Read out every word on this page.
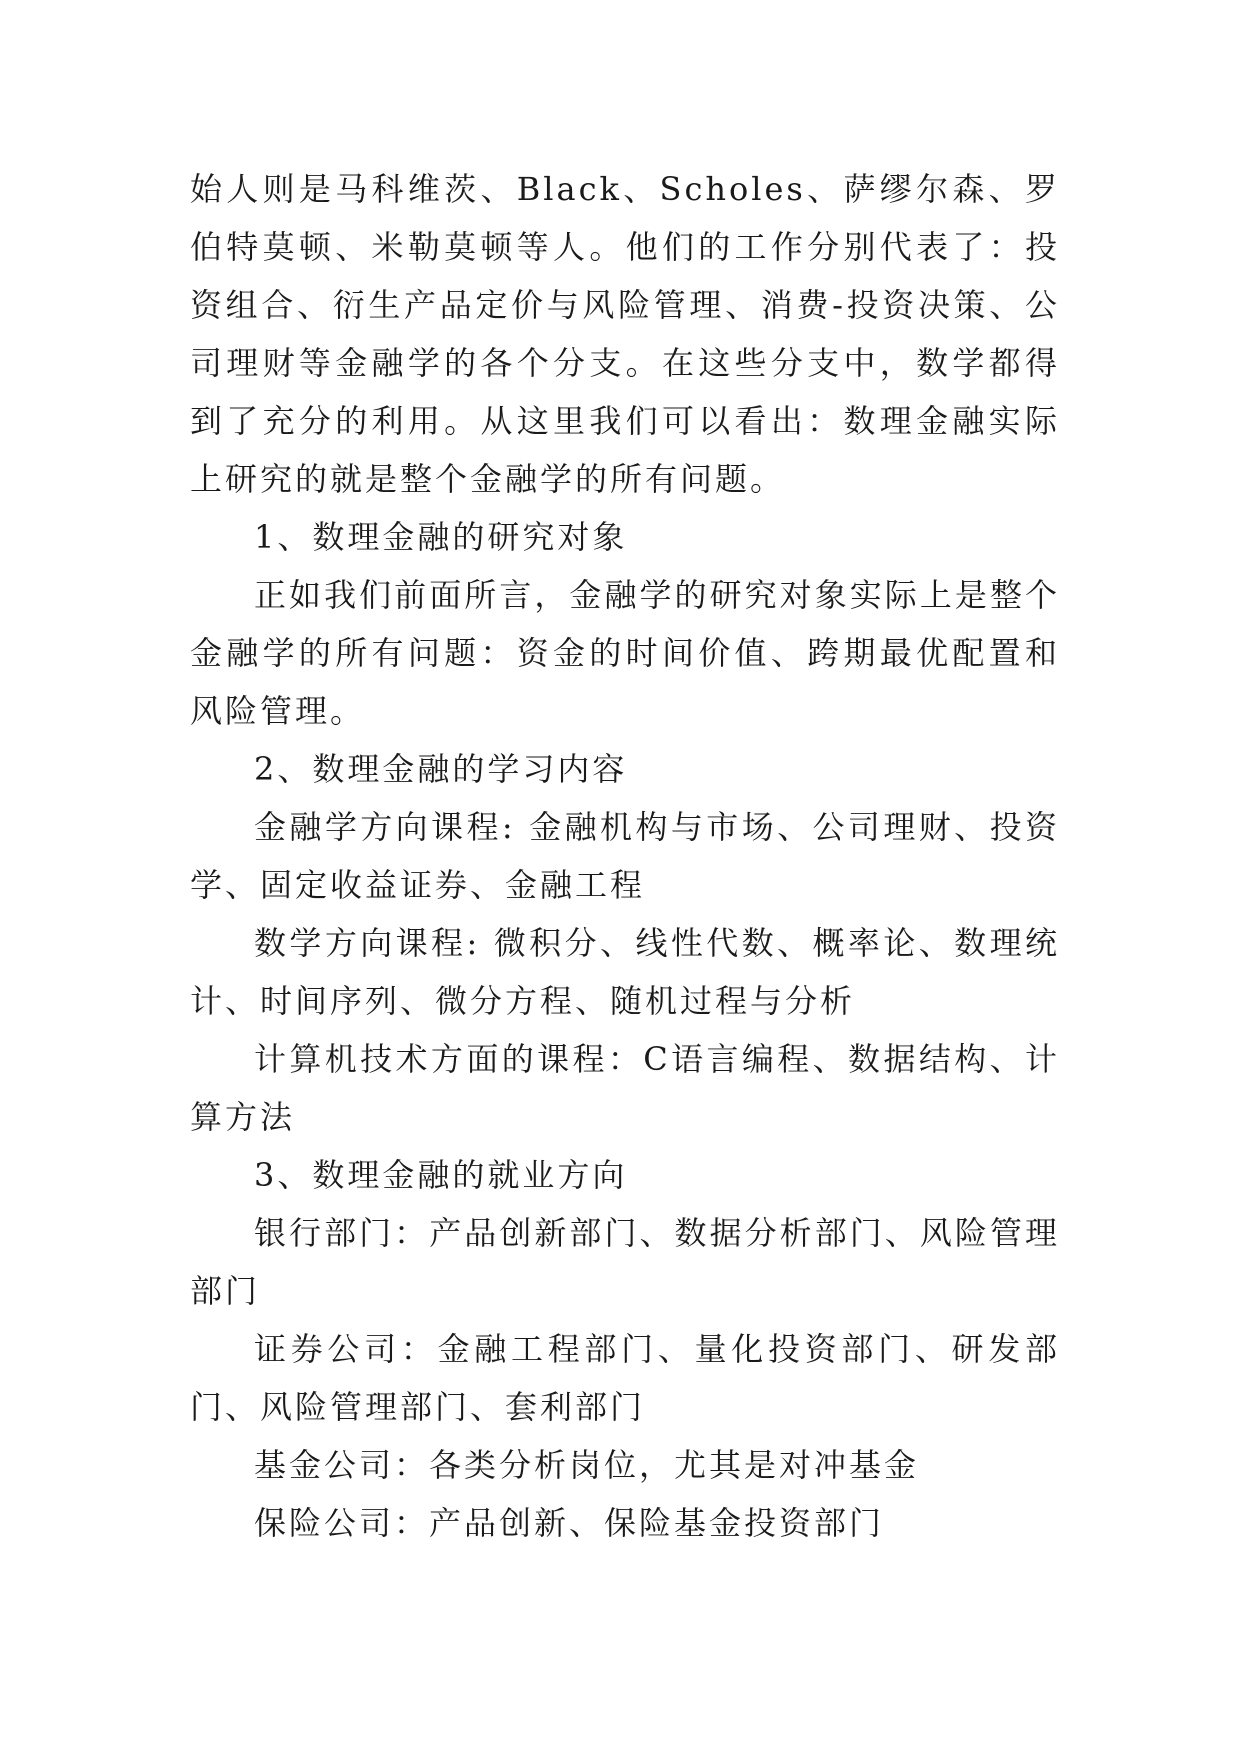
始人则是马科维茨、Black、Scholes、萨缪尔森、罗伯特莫顿、米勒莫顿等人。他们的工作分别代表了：投资组合、衍生产品定价与风险管理、消费-投资决策、公司理财等金融学的各个分支。在这些分支中，数学都得到了充分的利用。从这里我们可以看出：数理金融实际上研究的就是整个金融学的所有问题。

1、数理金融的研究对象

正如我们前面所言，金融学的研究对象实际上是整个金融学的所有问题：资金的时间价值、跨期最优配置和风险管理。

2、数理金融的学习内容

金融学方向课程: 金融机构与市场、公司理财、投资学、固定收益证券、金融工程

数学方向课程: 微积分、线性代数、概率论、数理统计、时间序列、微分方程、随机过程与分析

计算机技术方面的课程：C语言编程、数据结构、计算方法

3、数理金融的就业方向

银行部门：产品创新部门、数据分析部门、风险管理部门

证券公司：金融工程部门、量化投资部门、研发部门、风险管理部门、套利部门

基金公司：各类分析岗位，尤其是对冲基金

保险公司：产品创新、保险基金投资部门
